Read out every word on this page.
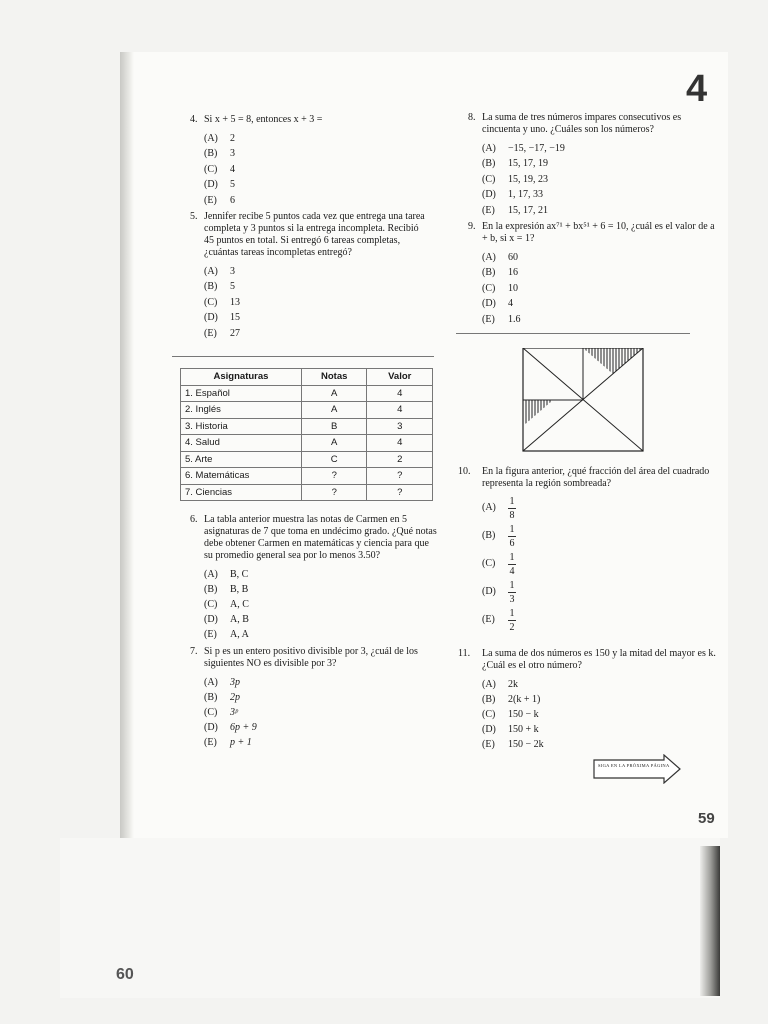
4
59
60
4. Si x + 5 = 8, entonces x + 3 =
(A)	2
(B)	3
(C)	4
(D)	5
(E)	6
5. Jennifer recibe 5 puntos cada vez que entrega una tarea completa y 3 puntos si la entrega incompleta. Recibió 45 puntos en total. Si entregó 6 tareas completas, ¿cuántas tareas incompletas entregó?
(A)	3
(B)	5
(C)	13
(D)	15
(E)	27
Asignaturas	Notas	Valor
1. Español	A	4
2. Inglés	A	4
3. Historia	B	3
4. Salud	A	4
5. Arte	C	2
6. Matemáticas	?	?
7. Ciencias	?	?
6. La tabla anterior muestra las notas de Carmen en 5 asignaturas de 7 que toma en undécimo grado. ¿Qué notas debe obtener Carmen en matemáticas y ciencia para que su promedio general sea por lo menos 3.50?
(A)	B, C
(B)	B, B
(C)	A, C
(D)	A, B
(E)	A, A
7. Si p es un entero positivo divisible por 3, ¿cuál de los siguientes NO es divisible por 3?
(A)	3p
(B)	2p
(C)	3ᵖ
(D)	6p + 9
(E)	p + 1
8. La suma de tres números impares consecutivos es cincuenta y uno. ¿Cuáles son los números?
(A)	−15, −17, −19
(B)	15, 17, 19
(C)	15, 19, 23
(D)	1, 17, 33
(E)	15, 17, 21
9. En la expresión ax⁷¹ + bx⁵¹ + 6 = 10, ¿cuál es el valor de a + b, si x = 1?
(A)	60
(B)	16
(C)	10
(D)	4
(E)	1.6
10.	En la figura anterior, ¿qué fracción del área del cuadrado representa la región sombreada?
(A)	$\frac{1}{8}$
(B)	$\frac{1}{6}$
(C)	$\frac{1}{4}$
(D)	$\frac{1}{3}$
(E)	$\frac{1}{2}$
11.	La suma de dos números es 150 y la mitad del mayor es k. ¿Cuál es el otro número?
(A)	2k
(B)	2(k + 1)
(C)	150 − k
(D)	150 + k
(E)	150 − 2k
SIGA EN LA PRÓXIMA PÁGINA
